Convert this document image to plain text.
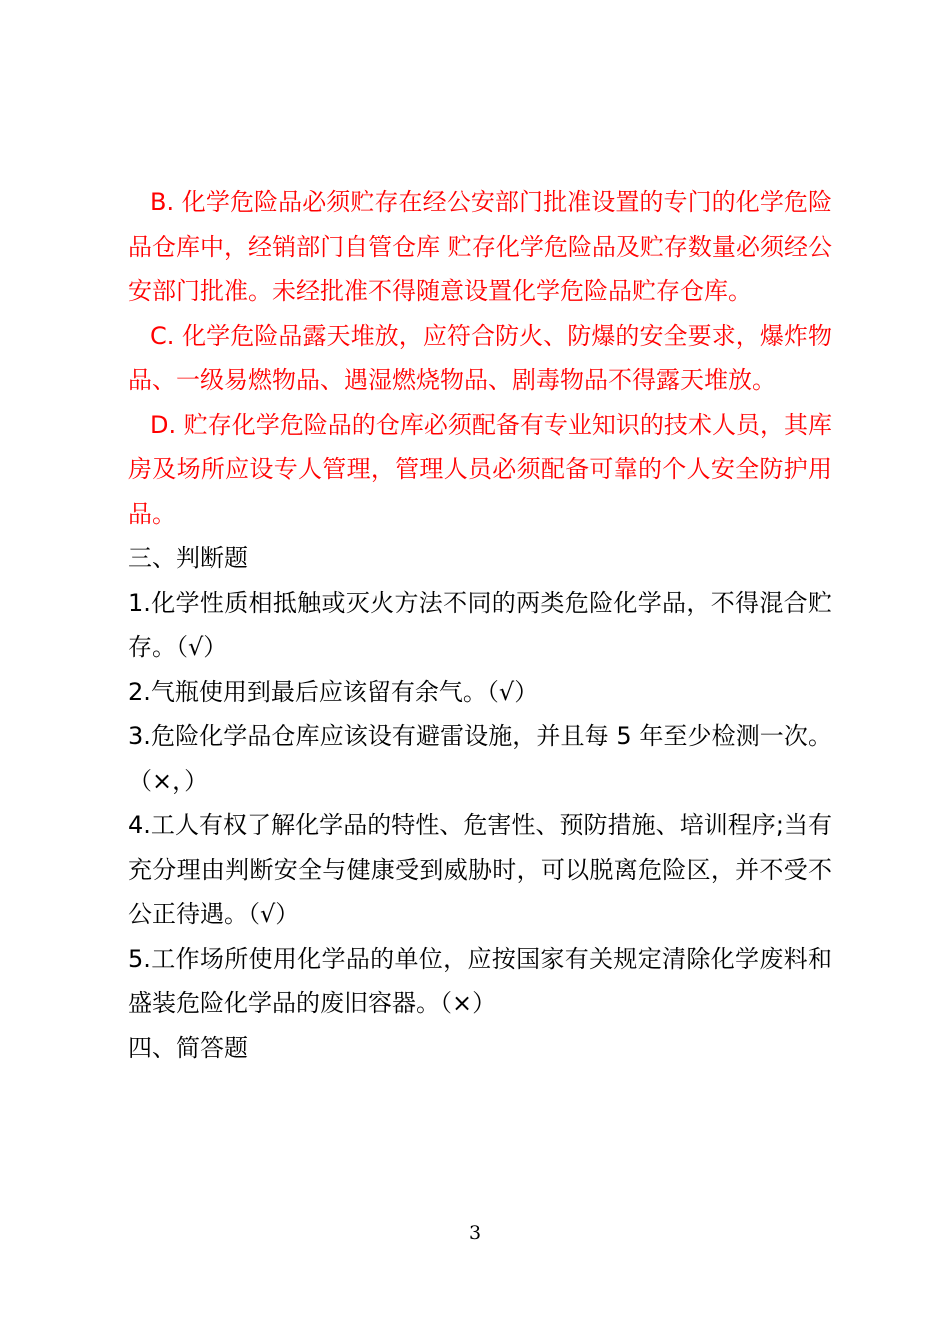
B. 化学危险品必须贮存在经公安部门批准设置的专门的化学危险品仓库中，经销部门自管仓库 贮存化学危险品及贮存数量必须经公安部门批准。未经批准不得随意设置化学危险品贮存仓库。

C. 化学危险品露天堆放，应符合防火、防爆的安全要求，爆炸物品、一级易燃物品、遇湿燃烧物品、剧毒物品不得露天堆放。

D. 贮存化学危险品的仓库必须配备有专业知识的技术人员，其库房及场所应设专人管理，管理人员必须配备可靠的个人安全防护用品。

三、判断题

1.化学性质相抵触或灭火方法不同的两类危险化学品，不得混合贮存。（√）

2.气瓶使用到最后应该留有余气。（√）

3.危险化学品仓库应该设有避雷设施，并且每 5 年至少检测一次。（×，）

4.工人有权了解化学品的特性、危害性、预防措施、培训程序;当有充分理由判断安全与健康受到威胁时，可以脱离危险区，并不受不公正待遇。（√）

5.工作场所使用化学品的单位，应按国家有关规定清除化学废料和盛装危险化学品的废旧容器。（×）

四、简答题

3
